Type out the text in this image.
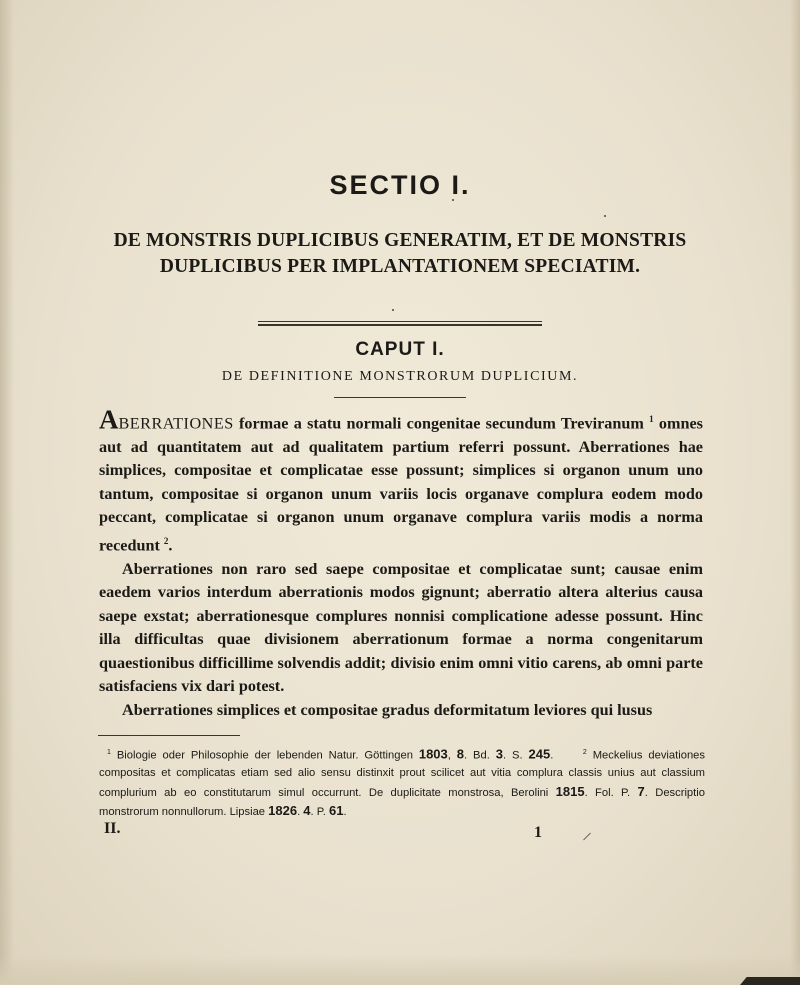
SECTIO I.
DE MONSTRIS DUPLICIBUS GENERATIM, ET DE MONSTRIS
DUPLICIBUS PER IMPLANTATIONEM SPECIATIM.
CAPUT I.
DE DEFINITIONE MONSTRORUM DUPLICIUM.

ABERRATIONES formae a statu normali congenitae secundum Treviranum $^1$ omnes aut ad quantitatem aut ad qualitatem partium referri possunt. Aberrationes hae simplices, compositae et complicatae esse possunt; simplices si organon unum uno tantum, compositae si organon unum variis locis organave complura eodem modo peccant, complicatae si organon unum organave complura variis modis a norma recedunt $^2$.

Aberrationes non raro sed saepe compositae et complicatae sunt; causae enim eaedem varios interdum aberrationis modos gignunt; aberratio altera alterius causa saepe exstat; aberrationesque complures nonnisi complicatione adesse possunt. Hinc illa difficultas quae divisionem aberrationum formae a norma congenitarum quaestionibus difficillime solvendis addit; divisio enim omni vitio carens, ab omni parte satisfaciens vix dari potest.

Aberrationes simplices et compositae gradus deformitatum leviores qui lusus

$^1$ Biologie oder Philosophie der lebenden Natur. Göttingen 1803, 8. Bd. 3. S. 245.	$^2$ Meckelius deviationes compositas et complicatas etiam sed alio sensu distinxit prout scilicet aut vitia complura classis unius aut classium complurium ab eo constitutarum simul occurrunt. De duplicitate monstrosa, Berolini 1815. Fol. P. 7. Descriptio monstrorum nonnullorum. Lipsiae 1826. 4. P. 61.

II.	1
